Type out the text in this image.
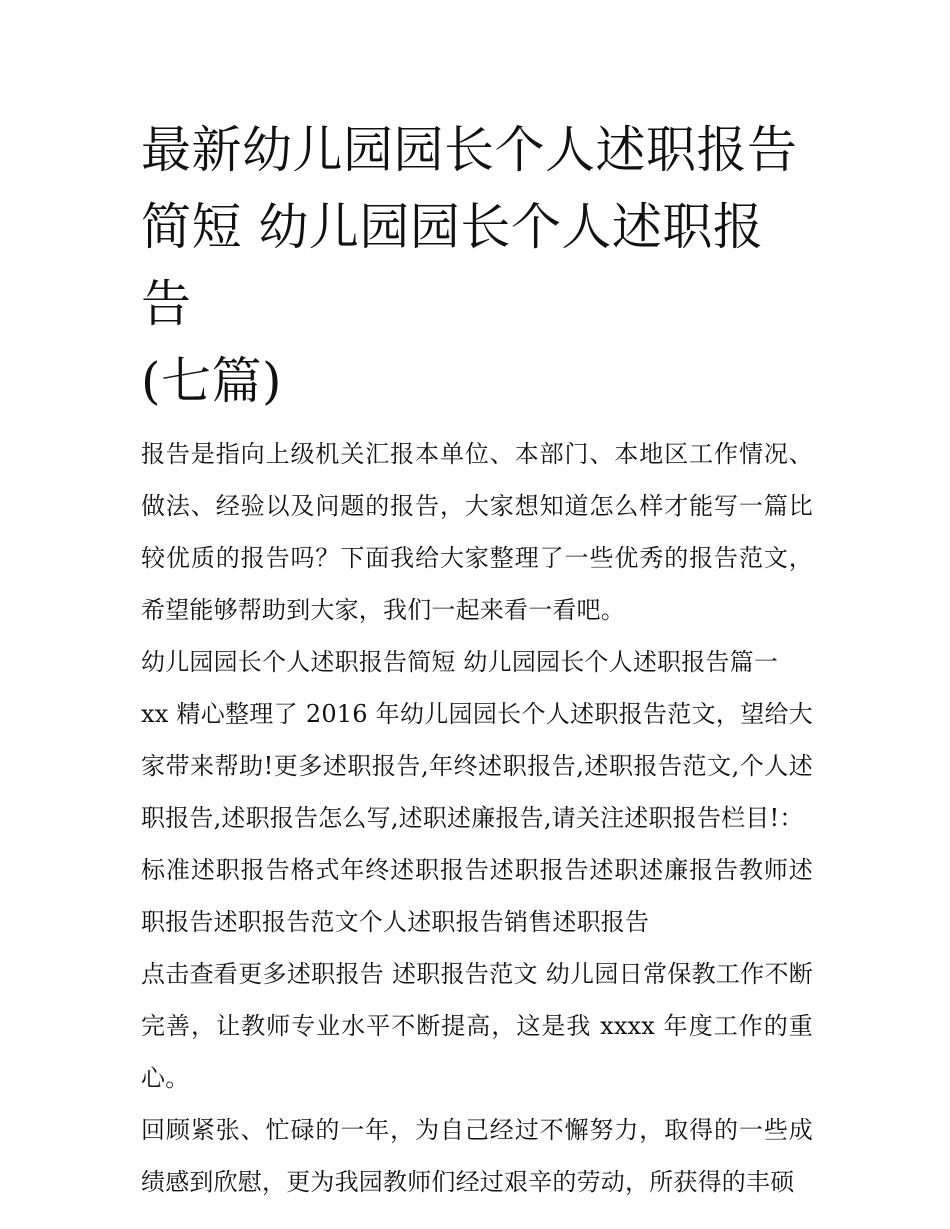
最新幼儿园园长个人述职报告
简短 幼儿园园长个人述职报告
(七篇)

报告是指向上级机关汇报本单位、本部门、本地区工作情况、做法、经验以及问题的报告，大家想知道怎么样才能写一篇比较优质的报告吗？下面我给大家整理了一些优秀的报告范文，希望能够帮助到大家，我们一起来看一看吧。

幼儿园园长个人述职报告简短 幼儿园园长个人述职报告篇一

xx 精心整理了 2016 年幼儿园园长个人述职报告范文，望给大家带来帮助!更多述职报告,年终述职报告,述职报告范文,个人述职报告,述职报告怎么写,述职述廉报告,请关注述职报告栏目!：

标准述职报告格式年终述职报告述职报告述职述廉报告教师述职报告述职报告范文个人述职报告销售述职报告

点击查看更多述职报告 述职报告范文 幼儿园日常保教工作不断完善，让教师专业水平不断提高，这是我 xxxx 年度工作的重心。

回顾紧张、忙碌的一年，为自己经过不懈努力，取得的一些成绩感到欣慰，更为我园教师们经过艰辛的劳动，所获得的丰硕
